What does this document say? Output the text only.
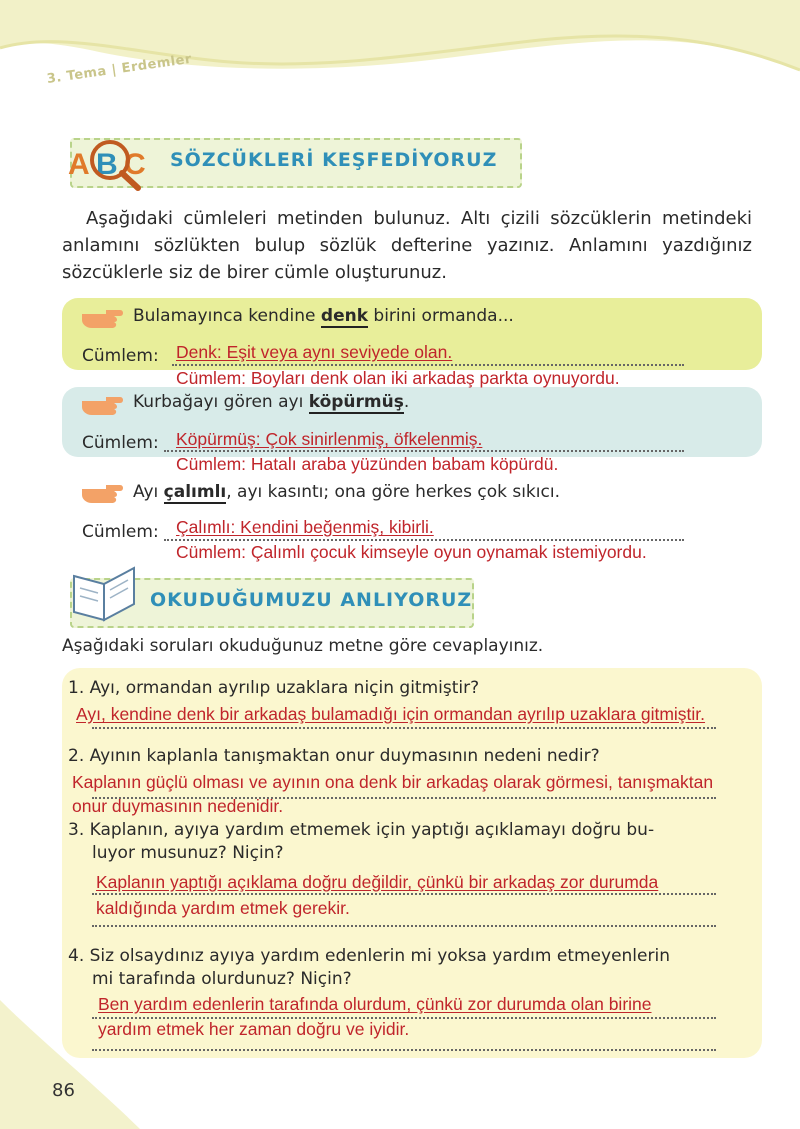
3. Tema | Erdemler
A B C SÖZCÜKLERİ KEŞFEDİYORUZ

Aşağıdaki cümleleri metinden bulunuz. Altı çizili sözcüklerin metindeki anlamını sözlükten bulup sözlük defterine yazınız. Anlamını yazdığınız sözcüklerle siz de birer cümle oluşturunuz.

Bulamayınca kendine denk birini ormanda...
Cümlem: Denk: Eşit veya aynı seviyede olan.
Cümlem: Boyları denk olan iki arkadaş parkta oynuyordu.
Kurbağayı gören ayı köpürmüş.
Cümlem: Köpürmüş: Çok sinirlenmiş, öfkelenmiş.
Cümlem: Hatalı araba yüzünden babam köpürdü.
Ayı çalımlı, ayı kasıntı; ona göre herkes çok sıkıcı.
Cümlem: Çalımlı: Kendini beğenmiş, kibirli.
Cümlem: Çalımlı çocuk kimseyle oyun oynamak istemiyordu.
OKUDUĞUMUZU ANLIYORUZ
Aşağıdaki soruları okuduğunuz metne göre cevaplayınız.
1. Ayı, ormandan ayrılıp uzaklara niçin gitmiştir?
Ayı, kendine denk bir arkadaş bulamadığı için ormandan ayrılıp uzaklara gitmiştir.
2. Ayının kaplanla tanışmaktan onur duymasının nedeni nedir?
Kaplanın güçlü olması ve ayının ona denk bir arkadaş olarak görmesi, tanışmaktan
onur duymasının nedenidir.
3. Kaplanın, ayıya yardım etmemek için yaptığı açıklamayı doğru bu-
luyor musunuz? Niçin?
Kaplanın yaptığı açıklama doğru değildir, çünkü bir arkadaş zor durumda
kaldığında yardım etmek gerekir.
4. Siz olsaydınız ayıya yardım edenlerin mi yoksa yardım etmeyenlerin
mi tarafında olurdunuz? Niçin?
Ben yardım edenlerin tarafında olurdum, çünkü zor durumda olan birine
yardım etmek her zaman doğru ve iyidir.
86
